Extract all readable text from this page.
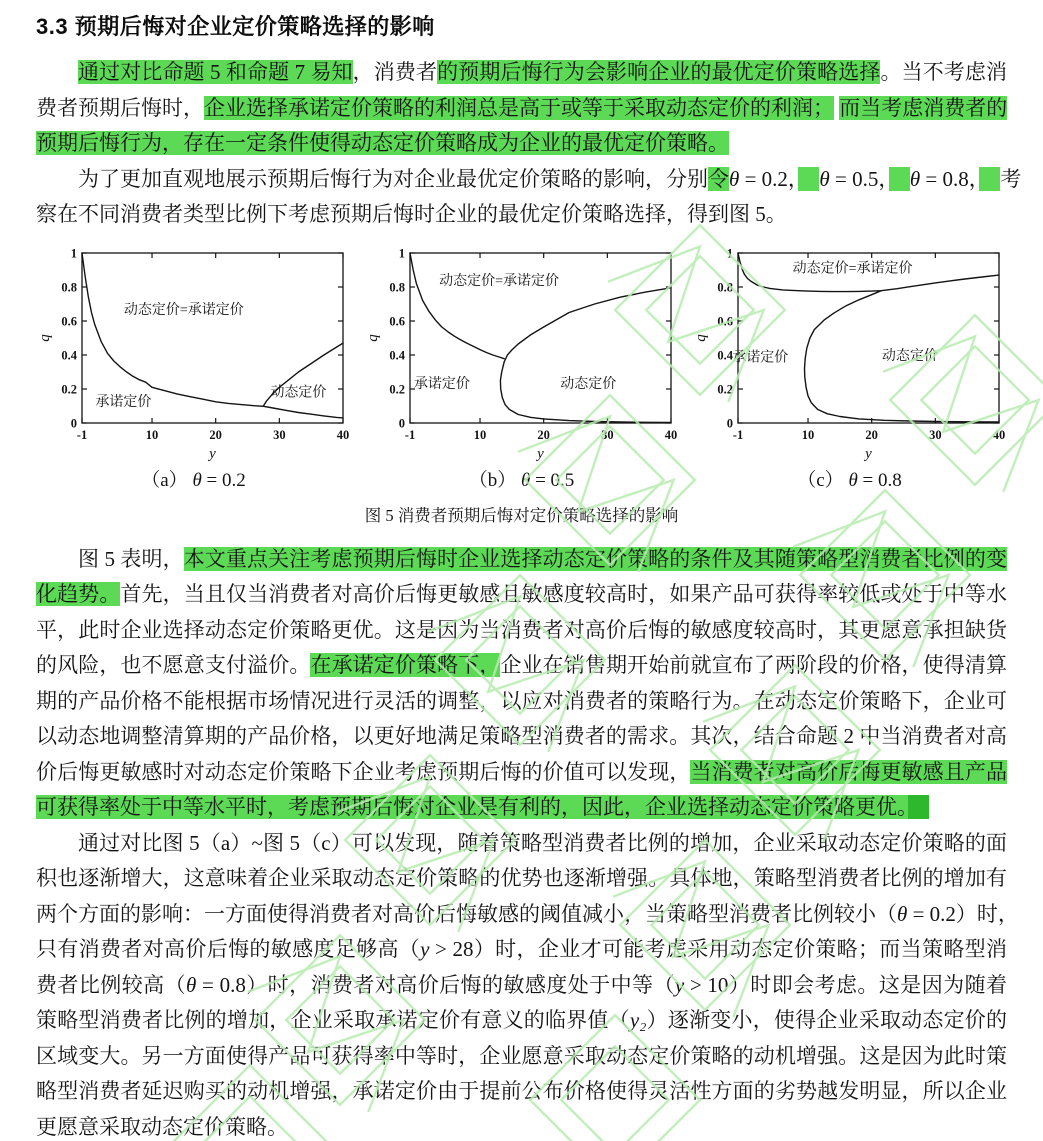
3.3 预期后悔对企业定价策略选择的影响
通过对比命题 5 和命题 7 易知，消费者的预期后悔行为会影响企业的最优定价策略选择。当不考虑消
费者预期后悔时，企业选择承诺定价策略的利润总是高于或等于采取动态定价的利润； 而当考虑消费者的
预期后悔行为，存在一定条件使得动态定价策略成为企业的最优定价策略。
为了更加直观地展示预期后悔行为对企业最优定价策略的影响，分别令θ = 0.2，　 θ = 0.5，　 θ = 0.8，　 考
察在不同消费者类型比例下考虑预期后悔时企业的最优定价策略选择，得到图 5。
-1	10	20	30	40
0
0.2
0.4
0.6
0.8
1
y
q
动态定价=承诺定价
承诺定价
动态定价
-1	10	20	30	40
0
0.2
0.4
0.6
0.8
1
y
q
动态定价=承诺定价
承诺定价	动态定价
-1	10	20	30	40
0
0.2
0.4
0.6
0.8
1
y
q
动态定价=承诺定价
承诺定价	动态定价
（a） θ = 0.2	（b） θ = 0.5	（c） θ = 0.8
图 5 消费者预期后悔对定价策略选择的影响
图 5 表明，本文重点关注考虑预期后悔时企业选择动态定价策略的条件及其随策略型消费者比例的变
化趋势。首先，当且仅当消费者对高价后悔更敏感且敏感度较高时，如果产品可获得率较低或处于中等水
平，此时企业选择动态定价策略更优。这是因为当消费者对高价后悔的敏感度较高时，其更愿意承担缺货
的风险，也不愿意支付溢价。在承诺定价策略下，企业在销售期开始前就宣布了两阶段的价格，使得清算
期的产品价格不能根据市场情况进行灵活的调整，以应对消费者的策略行为。在动态定价策略下，企业可
以动态地调整清算期的产品价格，以更好地满足策略型消费者的需求。其次，结合命题 2 中当消费者对高
价后悔更敏感时对动态定价策略下企业考虑预期后悔的价值可以发现，当消费者对高价后悔更敏感且产品
可获得率处于中等水平时，考虑预期后悔对企业是有利的，因此，企业选择动态定价策略更优。　
通过对比图 5（a）~图 5（c）可以发现，随着策略型消费者比例的增加，企业采取动态定价策略的面
积也逐渐增大，这意味着企业采取动态定价策略的优势也逐渐增强。具体地，策略型消费者比例的增加有
两个方面的影响：一方面使得消费者对高价后悔敏感的阈值减小，当策略型消费者比例较小（θ = 0.2）时，
只有消费者对高价后悔的敏感度足够高（y > 28）时，企业才可能考虑采用动态定价策略；而当策略型消
费者比例较高（θ = 0.8）时，消费者对高价后悔的敏感度处于中等（y > 10）时即会考虑。这是因为随着
策略型消费者比例的增加，企业采取承诺定价有意义的临界值（y₂）逐渐变小，使得企业采取动态定价的
区域变大。另一方面使得产品可获得率中等时，企业愿意采取动态定价策略的动机增强。这是因为此时策
略型消费者延迟购买的动机增强，承诺定价由于提前公布价格使得灵活性方面的劣势越发明显，所以企业
更愿意采取动态定价策略。
